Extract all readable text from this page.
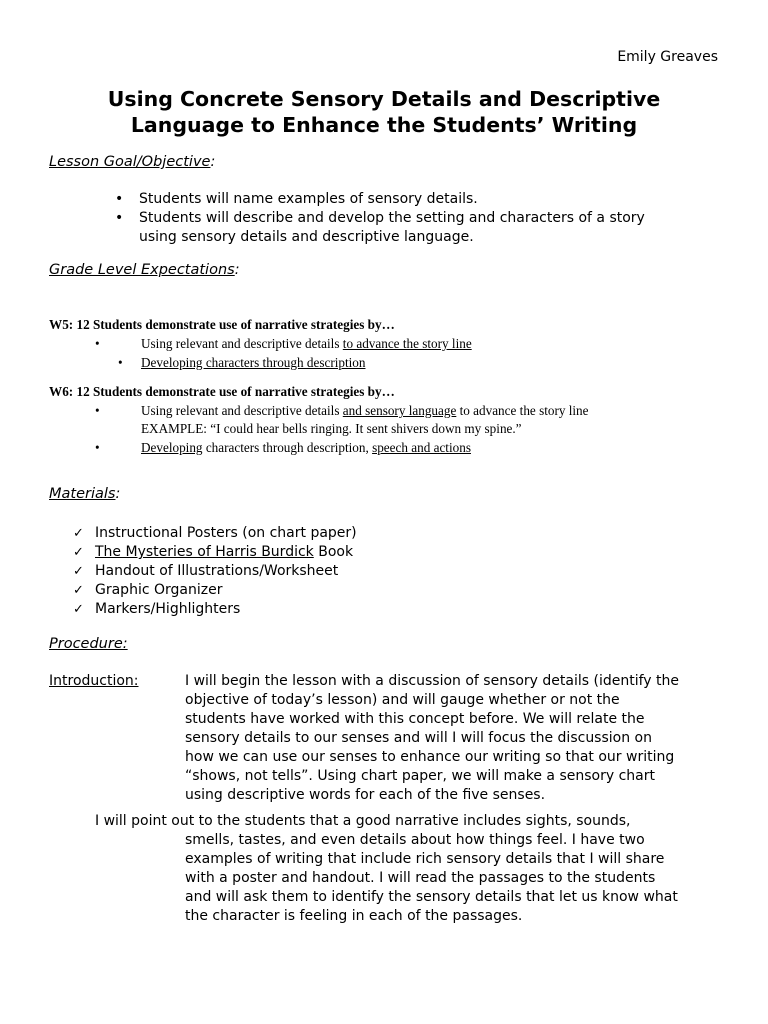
Emily Greaves
Using Concrete Sensory Details and Descriptive
Language to Enhance the Students’ Writing
Lesson Goal/Objective:
• Students will name examples of sensory details.
• Students will describe and develop the setting and characters of a story
using sensory details and descriptive language.
Grade Level Expectations:
W5: 12 Students demonstrate use of narrative strategies by…
•	Using relevant and descriptive details to advance the story line
• Developing characters through description
W6: 12 Students demonstrate use of narrative strategies by…
•	Using relevant and descriptive details and sensory language to advance the story line
EXAMPLE: “I could hear bells ringing. It sent shivers down my spine.”
•	Developing characters through description, speech and actions
Materials:
✓ Instructional Posters (on chart paper)
✓ The Mysteries of Harris Burdick Book
✓ Handout of Illustrations/Worksheet
✓ Graphic Organizer
✓ Markers/Highlighters
Procedure:
Introduction:	I will begin the lesson with a discussion of sensory details (identify the
objective of today’s lesson) and will gauge whether or not the
students have worked with this concept before. We will relate the
sensory details to our senses and will I will focus the discussion on
how we can use our senses to enhance our writing so that our writing
“shows, not tells”. Using chart paper, we will make a sensory chart
using descriptive words for each of the five senses.
I will point out to the students that a good narrative includes sights, sounds,
smells, tastes, and even details about how things feel. I have two
examples of writing that include rich sensory details that I will share
with a poster and handout. I will read the passages to the students
and will ask them to identify the sensory details that let us know what
the character is feeling in each of the passages.
